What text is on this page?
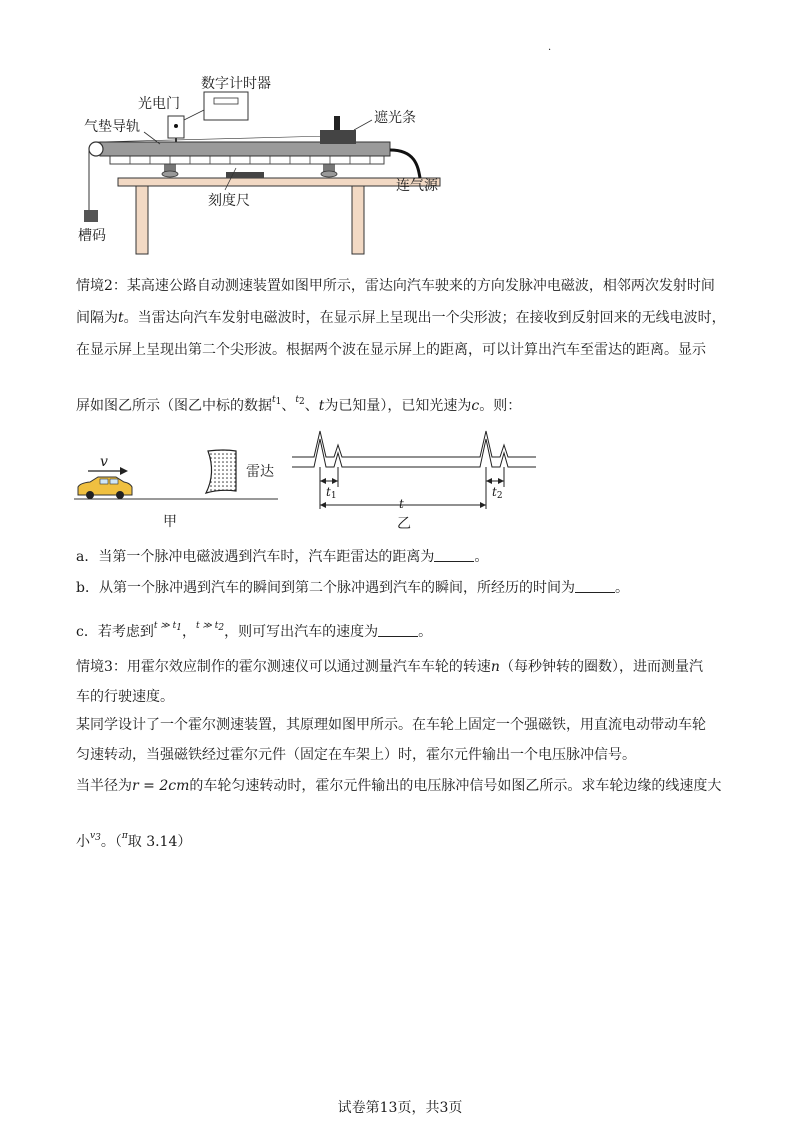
.
数字计时器
光电门
气垫导轨
遮光条
连气源
刻度尺
槽码
情境2：某高速公路自动测速装置如图甲所示，雷达向汽车驶来的方向发脉冲电磁波，相邻两次发射时间
间隔为t。当雷达向汽车发射电磁波时，在显示屏上呈现出一个尖形波；在接收到反射回来的无线电波时，
在显示屏上呈现出第二个尖形波。根据两个波在显示屏上的距离，可以计算出汽车至雷达的距离。显示
屏如图乙所示（图乙中标的数据$^{t_1}$、$^{t_2}$、t为已知量），已知光速为c。则：
v
雷达
甲	乙
$t_1$	$t_2$
t
a．当第一个脉冲电磁波遇到汽车时，汽车距雷达的距离为	。
b．从第一个脉冲遇到汽车的瞬间到第二个脉冲遇到汽车的瞬间，所经历的时间为	。
c．若考虑到$^{t ≫ t_1}$，$^{t ≫ t_2}$，则可写出汽车的速度为	。
情境3：用霍尔效应制作的霍尔测速仪可以通过测量汽车车轮的转速n（每秒钟转的圈数），进而测量汽
车的行驶速度。
某同学设计了一个霍尔测速装置，其原理如图甲所示。在车轮上固定一个强磁铁，用直流电动带动车轮
匀速转动，当强磁铁经过霍尔元件（固定在车架上）时，霍尔元件输出一个电压脉冲信号。
当半径为r = 2cm的车轮匀速转动时，霍尔元件输出的电压脉冲信号如图乙所示。求车轮边缘的线速度大
小$^{v_3}$。（$^\pi$取 3.14）
试卷第13页，共3页
